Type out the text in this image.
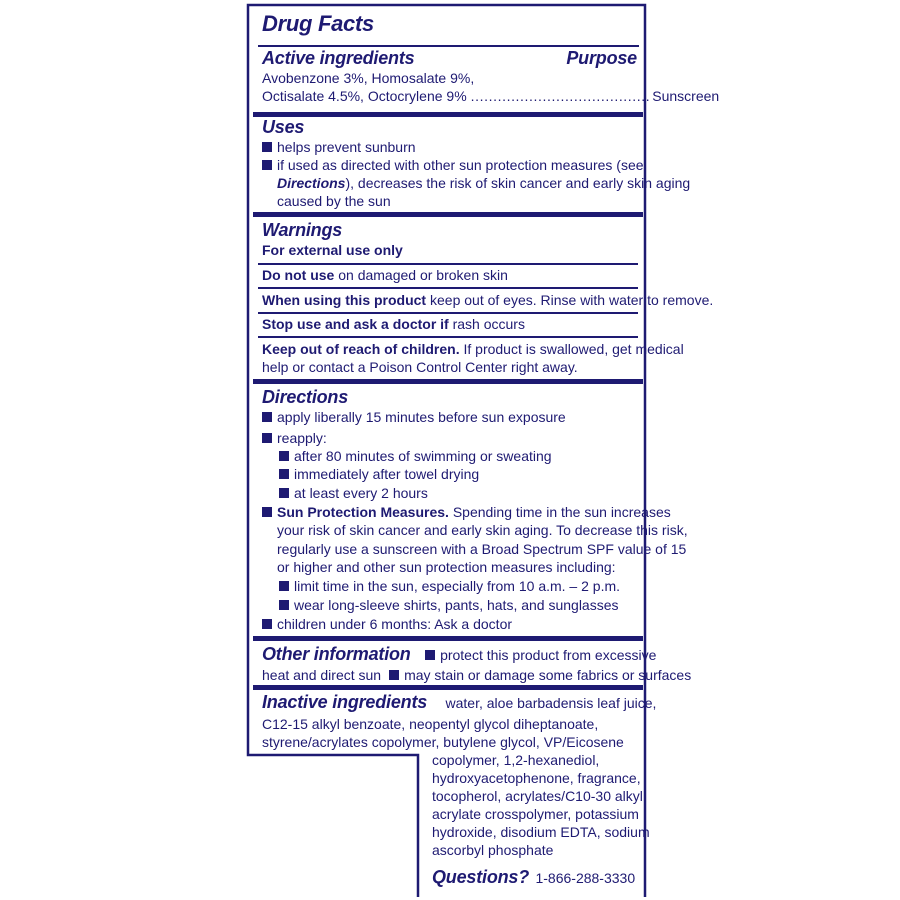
Drug Facts
Active ingredients	Purpose
Avobenzone 3%, Homosalate 9%,
Octisalate 4.5%, Octocrylene 9% ........................................ Sunscreen
Uses
helps prevent sunburn
if used as directed with other sun protection measures (see
Directions), decreases the risk of skin cancer and early skin aging
caused by the sun
Warnings
For external use only
Do not use on damaged or broken skin
When using this product keep out of eyes. Rinse with water to remove.
Stop use and ask a doctor if rash occurs
Keep out of reach of children. If product is swallowed, get medical
help or contact a Poison Control Center right away.
Directions
apply liberally 15 minutes before sun exposure
reapply:
after 80 minutes of swimming or sweating
immediately after towel drying
at least every 2 hours
Sun Protection Measures. Spending time in the sun increases
your risk of skin cancer and early skin aging. To decrease this risk,
regularly use a sunscreen with a Broad Spectrum SPF value of 15
or higher and other sun protection measures including:
limit time in the sun, especially from 10 a.m. – 2 p.m.
wear long-sleeve shirts, pants, hats, and sunglasses
children under 6 months: Ask a doctor
Other information protect this product from excessive
heat and direct sun may stain or damage some fabrics or surfaces
Inactive ingredients water, aloe barbadensis leaf juice,
C12-15 alkyl benzoate, neopentyl glycol diheptanoate,
styrene/acrylates copolymer, butylene glycol, VP/Eicosene
copolymer, 1,2-hexanediol,
hydroxyacetophenone, fragrance,
tocopherol, acrylates/C10-30 alkyl
acrylate crosspolymer, potassium
hydroxide, disodium EDTA, sodium
ascorbyl phosphate
Questions? 1-866-288-3330
